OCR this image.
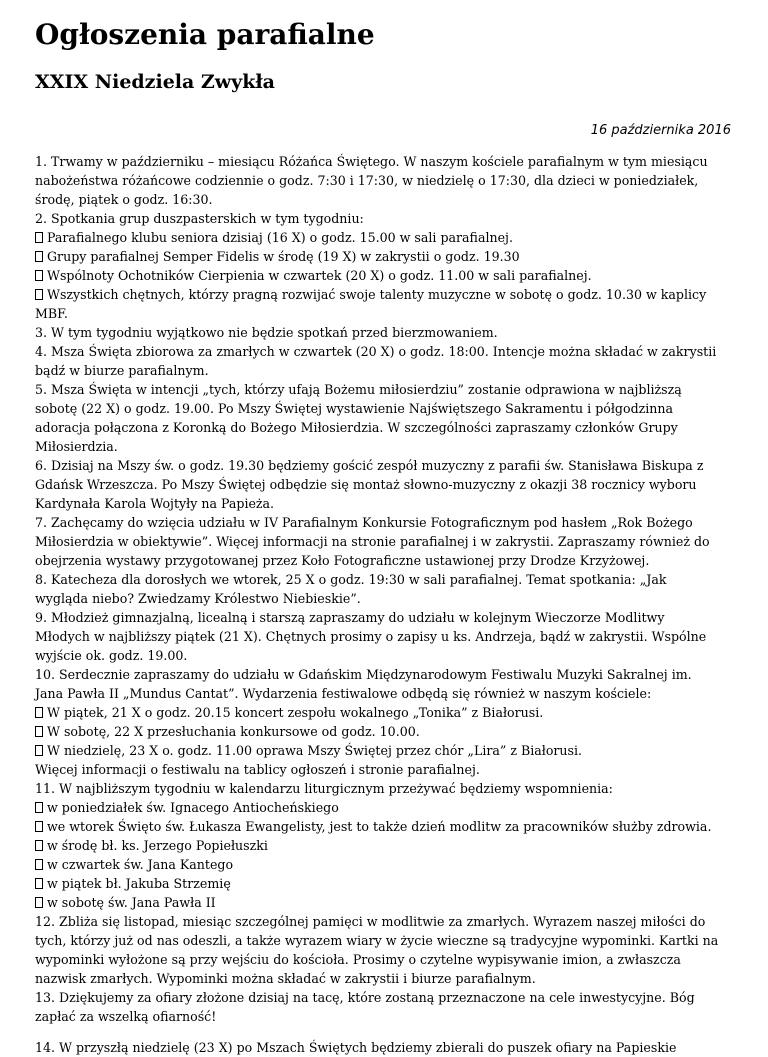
Ogłoszenia parafialne
XXIX Niedziela Zwykła
16 października 2016
1. Trwamy w październiku – miesiącu Różańca Świętego. W naszym kościele parafialnym w tym miesiącu
nabożeństwa różańcowe codziennie o godz. 7:30 i 17:30, w niedzielę o 17:30, dla dzieci w poniedziałek,
środę, piątek o godz. 16:30.
2. Spotkania grup duszpasterskich w tym tygodniu:
Parafialnego klubu seniora dzisiaj (16 X) o godz. 15.00 w sali parafialnej.
Grupy parafialnej Semper Fidelis w środę (19 X) w zakrystii o godz. 19.30
Wspólnoty Ochotników Cierpienia w czwartek (20 X) o godz. 11.00 w sali parafialnej.
Wszystkich chętnych, którzy pragną rozwijać swoje talenty muzyczne w sobotę o godz. 10.30 w kaplicy
MBF.
3. W tym tygodniu wyjątkowo nie będzie spotkań przed bierzmowaniem.
4. Msza Święta zbiorowa za zmarłych w czwartek (20 X) o godz. 18:00. Intencje można składać w zakrystii
bądź w biurze parafialnym.
5. Msza Święta w intencji „tych, którzy ufają Bożemu miłosierdziu” zostanie odprawiona w najbliższą
sobotę (22 X) o godz. 19.00. Po Mszy Świętej wystawienie Najświętszego Sakramentu i półgodzinna
adoracja połączona z Koronką do Bożego Miłosierdzia. W szczególności zapraszamy członków Grupy
Miłosierdzia.
6. Dzisiaj na Mszy św. o godz. 19.30 będziemy gościć zespół muzyczny z parafii św. Stanisława Biskupa z
Gdańsk Wrzeszcza. Po Mszy Świętej odbędzie się montaż słowno-muzyczny z okazji 38 rocznicy wyboru
Kardynała Karola Wojtyły na Papieża.
7. Zachęcamy do wzięcia udziału w IV Parafialnym Konkursie Fotograficznym pod hasłem „Rok Bożego
Miłosierdzia w obiektywie”. Więcej informacji na stronie parafialnej i w zakrystii. Zapraszamy również do
obejrzenia wystawy przygotowanej przez Koło Fotograficzne ustawionej przy Drodze Krzyżowej.
8. Katecheza dla dorosłych we wtorek, 25 X o godz. 19:30 w sali parafialnej. Temat spotkania: „Jak
wygląda niebo? Zwiedzamy Królestwo Niebieskie”.
9. Młodzież gimnazjalną, licealną i starszą zapraszamy do udziału w kolejnym Wieczorze Modlitwy
Młodych w najbliższy piątek (21 X). Chętnych prosimy o zapisy u ks. Andrzeja, bądź w zakrystii. Wspólne
wyjście ok. godz. 19.00.
10. Serdecznie zapraszamy do udziału w Gdańskim Międzynarodowym Festiwalu Muzyki Sakralnej im.
Jana Pawła II „Mundus Cantat”. Wydarzenia festiwalowe odbędą się również w naszym kościele:
W piątek, 21 X o godz. 20.15 koncert zespołu wokalnego „Tonika” z Białorusi.
W sobotę, 22 X przesłuchania konkursowe od godz. 10.00.
W niedzielę, 23 X o. godz. 11.00 oprawa Mszy Świętej przez chór „Lira” z Białorusi.
Więcej informacji o festiwalu na tablicy ogłoszeń i stronie parafialnej.
11. W najbliższym tygodniu w kalendarzu liturgicznym przeżywać będziemy wspomnienia:
w poniedziałek św. Ignacego Antiocheńskiego
we wtorek Święto św. Łukasza Ewangelisty, jest to także dzień modlitw za pracowników służby zdrowia.
w środę bł. ks. Jerzego Popiełuszki
w czwartek św. Jana Kantego
w piątek bł. Jakuba Strzemię
w sobotę św. Jana Pawła II
12. Zbliża się listopad, miesiąc szczególnej pamięci w modlitwie za zmarłych. Wyrazem naszej miłości do
tych, którzy już od nas odeszli, a także wyrazem wiary w życie wieczne są tradycyjne wypominki. Kartki na
wypominki wyłożone są przy wejściu do kościoła. Prosimy o czytelne wypisywanie imion, a zwłaszcza
nazwisk zmarłych. Wypominki można składać w zakrystii i biurze parafialnym.
13. Dziękujemy za ofiary złożone dzisiaj na tacę, które zostaną przeznaczone na cele inwestycyjne. Bóg
zapłać za wszelką ofiarność!
14. W przyszłą niedzielę (23 X) po Mszach Świętych będziemy zbierali do puszek ofiary na Papieskie
